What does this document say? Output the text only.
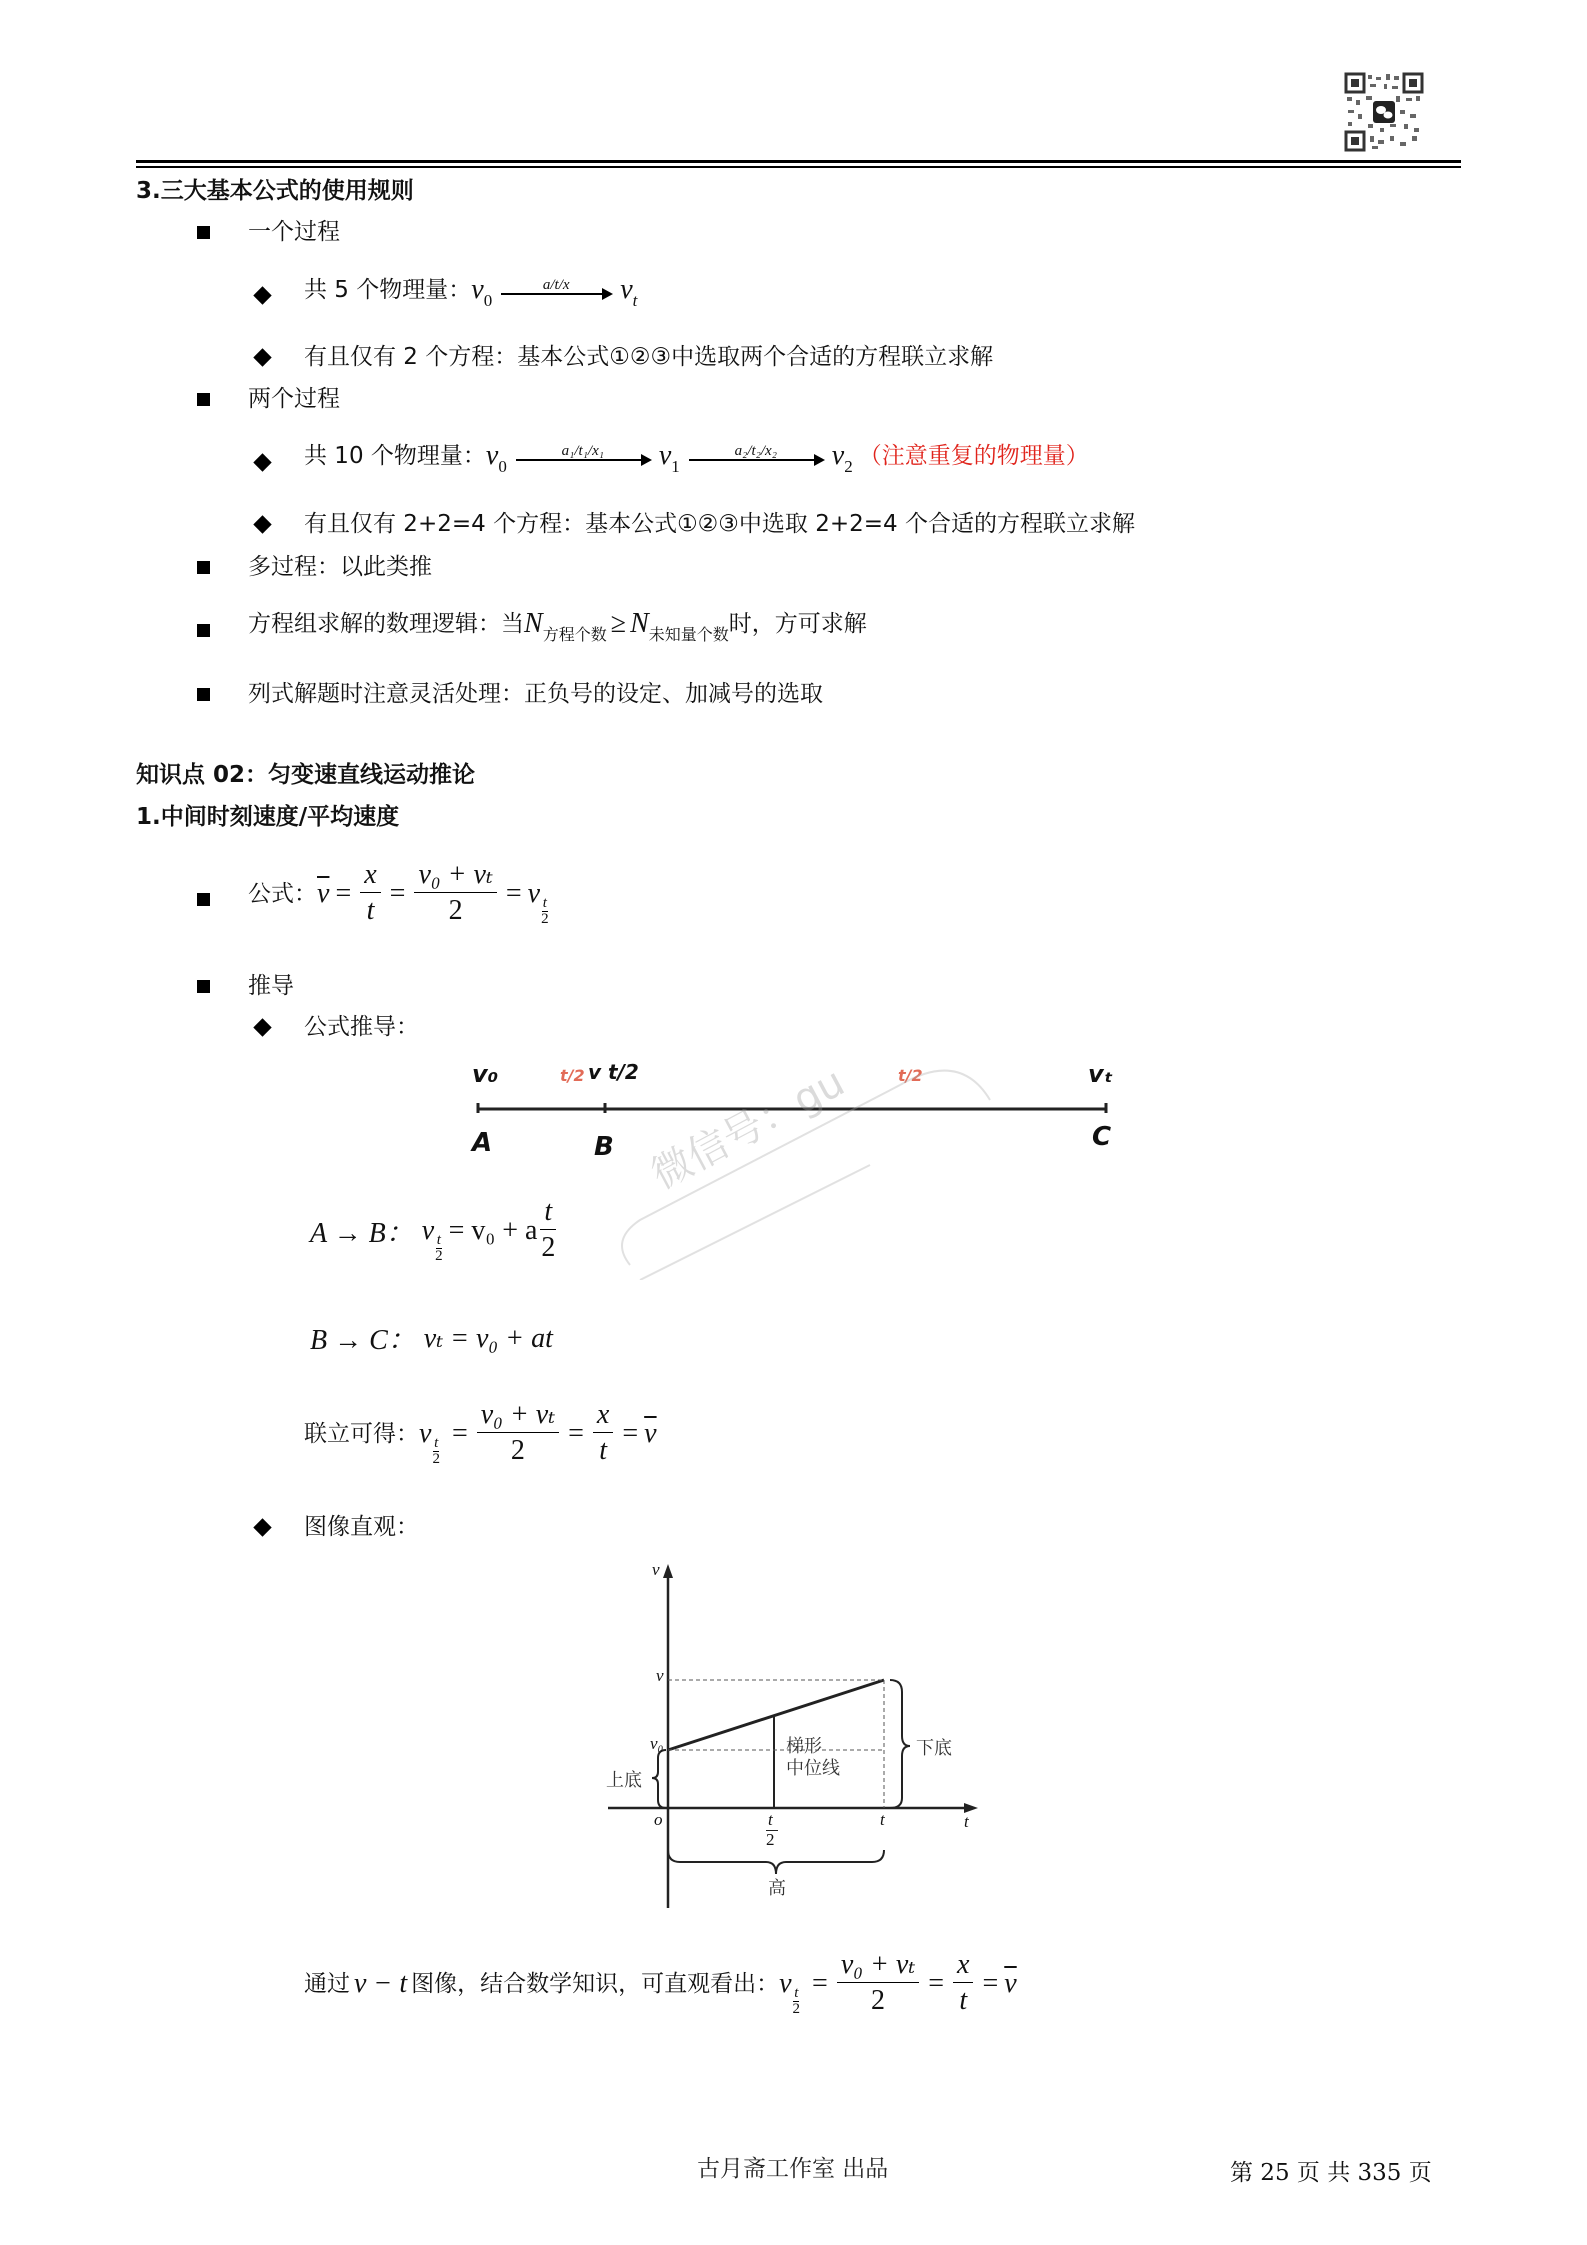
3.三大基本公式的使用规则
一个过程
共 5 个物理量： $v_0$
a/t/x $v_t$
有且仅有 2 个方程：基本公式①②③中选取两个合适的方程联立求解
两个过程
共 10 个物理量： $v_0$
a₁/t₁/x₁ $v_1$
a₂/t₂/x₂ $v_2$ （注意重复的物理量）
有且仅有 2+2=4 个方程：基本公式①②③中选取 2+2=4 个合适的方程联立求解
多过程：以此类推
方程组求解的数理逻辑：当 $N_{方程个数} \ge N_{未知量个数}$ 时，方可求解
列式解题时注意灵活处理：正负号的设定、加减号的选取
知识点 02：匀变速直线运动推论
1.中间时刻速度/平均速度
公式： $\overline{v} = \frac{x}{t} = \frac{\text{v₀ + vₜ}}{2} = v$ t
2
推导
公式推导：
v₀	t/2 v t/2	t/2	vₜ
A	B	C
微信号：gu
A → B： v
$\frac{t}{2}$
= v₀ + a $\frac{t}{2}$
B → C： vₜ = v₀ + at
联立可得： v
$\frac{t}{2}$
= $\frac{\text{v₀ + vₜ}}{2} = \frac{x}{t} = \overline{v}$
图像直观：
v
v
v₀	梯形
中位线
下底
上底
o	t
2
t	t
高
通过 v − t 图像，结合数学知识，可直观看出： v
$\frac{t}{2}$
= $\frac{\text{v₀ + vₜ}}{2} = \frac{x}{t} = \overline{v}$
古月斋工作室 出品	第 25 页 共 335 页
